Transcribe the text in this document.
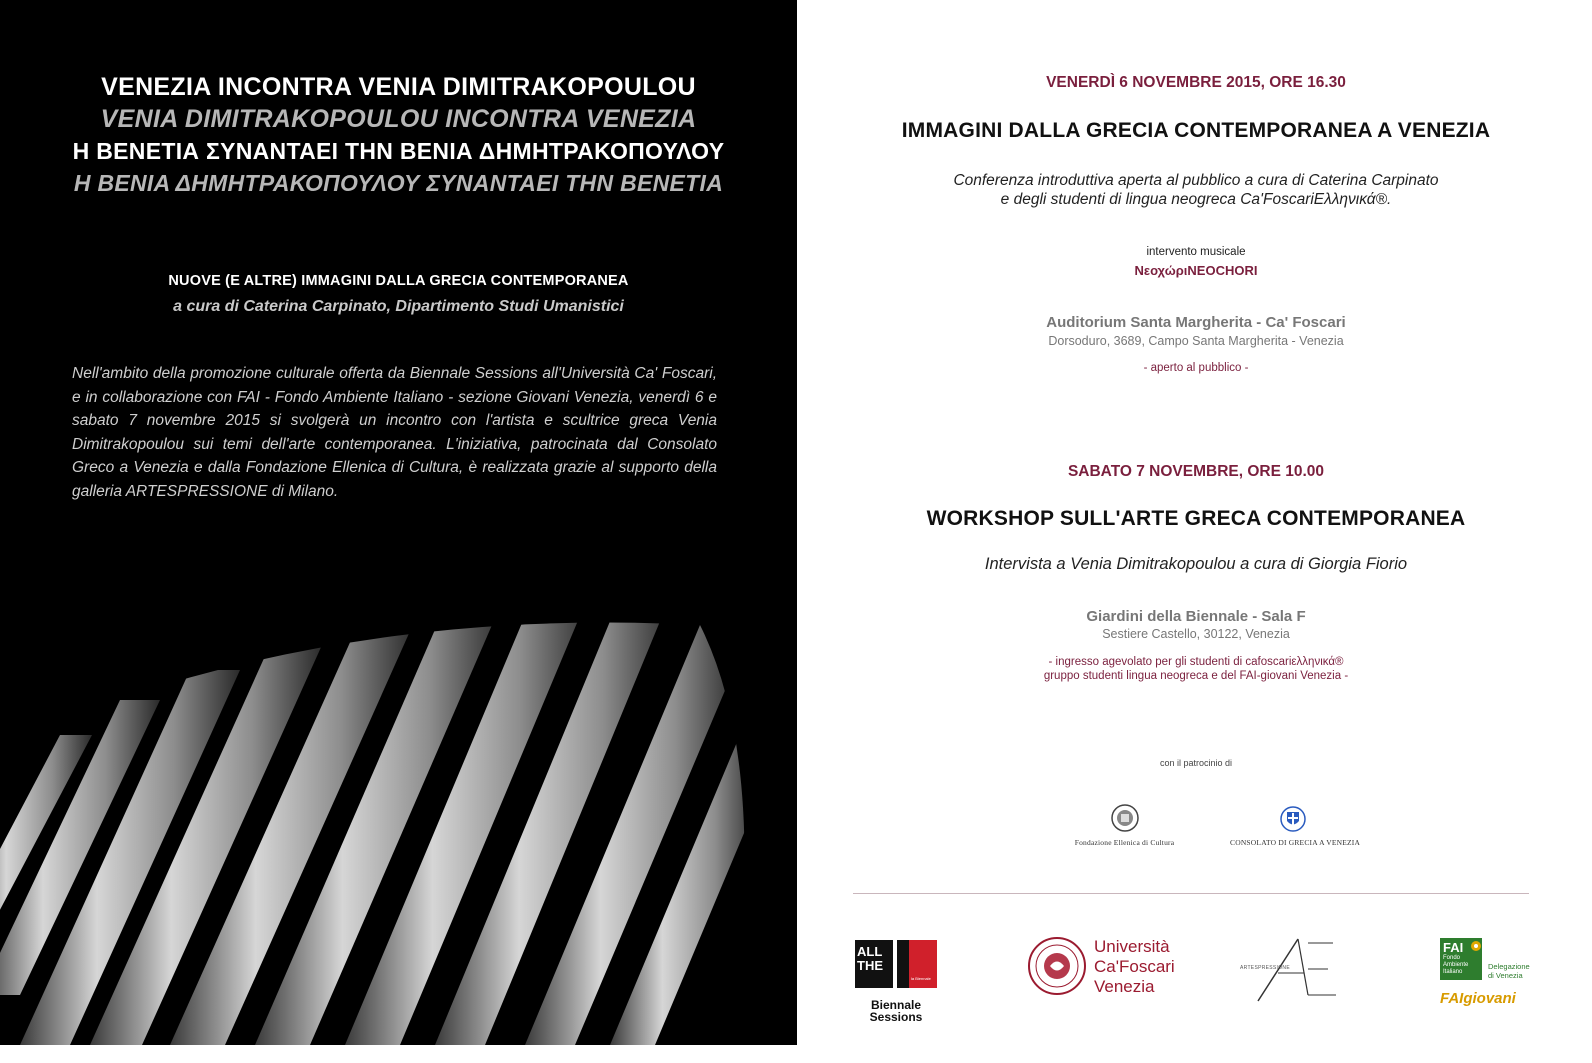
VENEZIA INCONTRA VENIA DIMITRAKOPOULOU
VENIA DIMITRAKOPOULOU INCONTRA VENEZIA
Η ΒΕΝΕΤΙΑ ΣΥΝΑΝΤΑΕΙ ΤΗΝ ΒΕΝΙΑ ΔΗΜΗΤΡΑΚΟΠΟΥΛΟΥ
Η ΒΕΝΙΑ ΔΗΜΗΤΡΑΚΟΠΟΥΛΟΥ ΣΥΝΑΝΤΑΕΙ ΤΗΝ ΒΕΝΕΤΙΑ
NUOVE (E ALTRE) IMMAGINI DALLA GRECIA CONTEMPORANEA
a cura di Caterina Carpinato, Dipartimento Studi Umanistici
Nell'ambito della promozione culturale offerta da Biennale Sessions all'Università Ca' Foscari, e in collaborazione con FAI - Fondo Ambiente Italiano - sezione Giovani Venezia, venerdì 6 e sabato 7 novembre 2015 si svolgerà un incontro con l'artista e scultrice greca Venia Dimitrakopoulou sui temi dell'arte contemporanea. L'iniziativa, patrocinata dal Consolato Greco a Venezia e dalla Fondazione Ellenica di Cultura, è realizzata grazie al supporto della galleria ARTESPRESSIONE di Milano.
VENERDÌ 6 NOVEMBRE 2015, ORE 16.30
IMMAGINI DALLA GRECIA CONTEMPORANEA A VENEZIA
Conferenza introduttiva aperta al pubblico a cura di Caterina Carpinato
e degli studenti di lingua neogreca Ca'FoscariΕλληνικά®.
intervento musicale
ΝεοχώριNEOCHORI
Auditorium Santa Margherita - Ca' Foscari
Dorsoduro, 3689, Campo Santa Margherita - Venezia
- aperto al pubblico -
SABATO 7 NOVEMBRE, ORE 10.00
WORKSHOP SULL'ARTE GRECA CONTEMPORANEA
Intervista a Venia Dimitrakopoulou a cura di Giorgia Fiorio
Giardini della Biennale - Sala F
Sestiere Castello, 30122, Venezia
- ingresso agevolato per gli studenti di cafoscariελληνικά®
gruppo studenti lingua neogreca e del FAI-giovani Venezia -
con il patrocinio di
Fondazione Ellenica di Cultura	CONSOLATO DI GRECIA A VENEZIA
ALL
THE
la Biennale
Biennale
Sessions
Università
Ca'Foscari
Venezia
ARTESPRESSIONE
FAI
Fondo
Ambiente
Italiano
Delegazione
di Venezia
FAIgiovani
